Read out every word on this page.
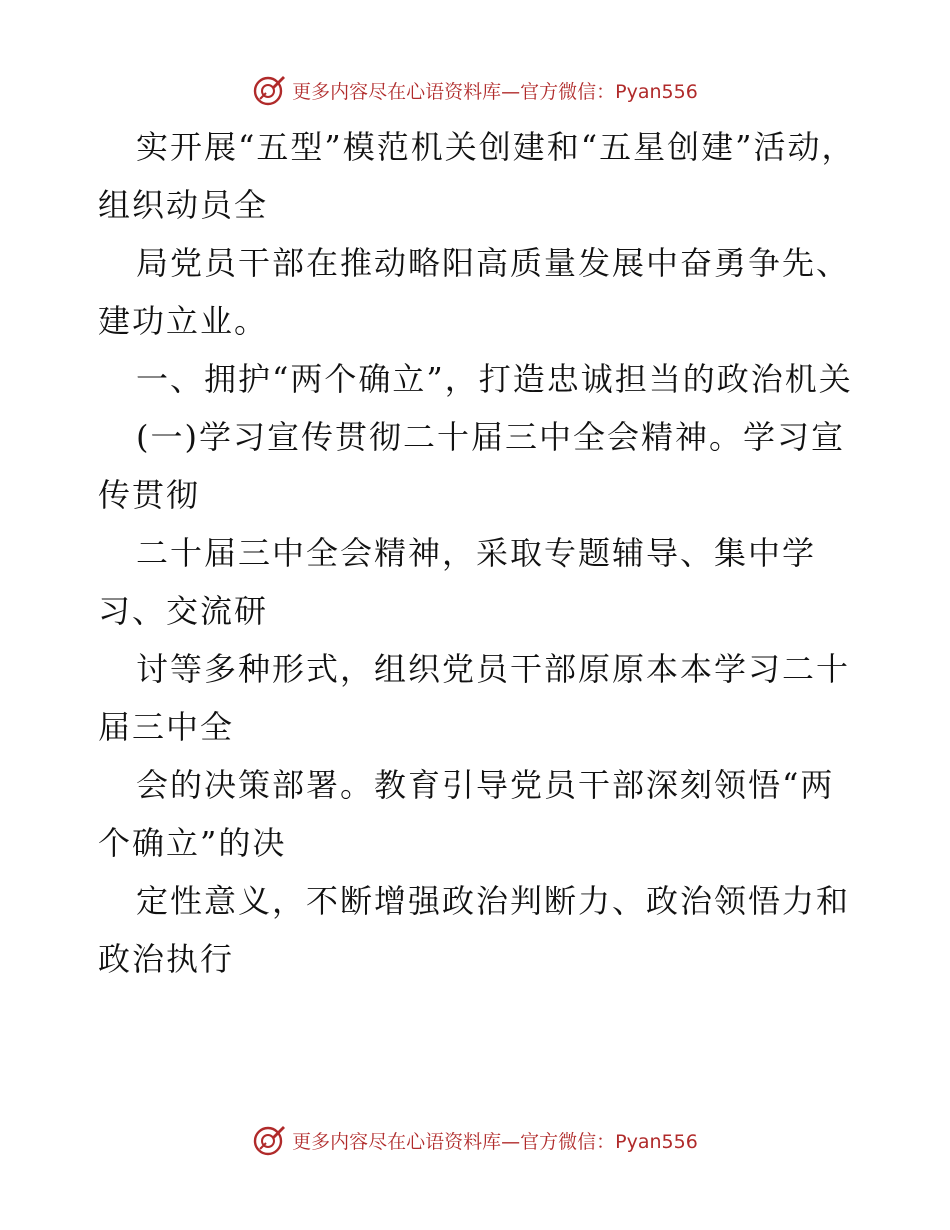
更多内容尽在心语资料库—官方微信：Pyan556

实开展“五型”模范机关创建和“五星创建”活动，组织动员全

局党员干部在推动略阳高质量发展中奋勇争先、建功立业。

一、拥护“两个确立”，打造忠诚担当的政治机关

(一)学习宣传贯彻二十届三中全会精神。学习宣传贯彻

二十届三中全会精神，采取专题辅导、集中学习、交流研

讨等多种形式，组织党员干部原原本本学习二十届三中全

会的决策部署。教育引导党员干部深刻领悟“两个确立”的决

定性意义，不断增强政治判断力、政治领悟力和政治执行

更多内容尽在心语资料库—官方微信：Pyan556
